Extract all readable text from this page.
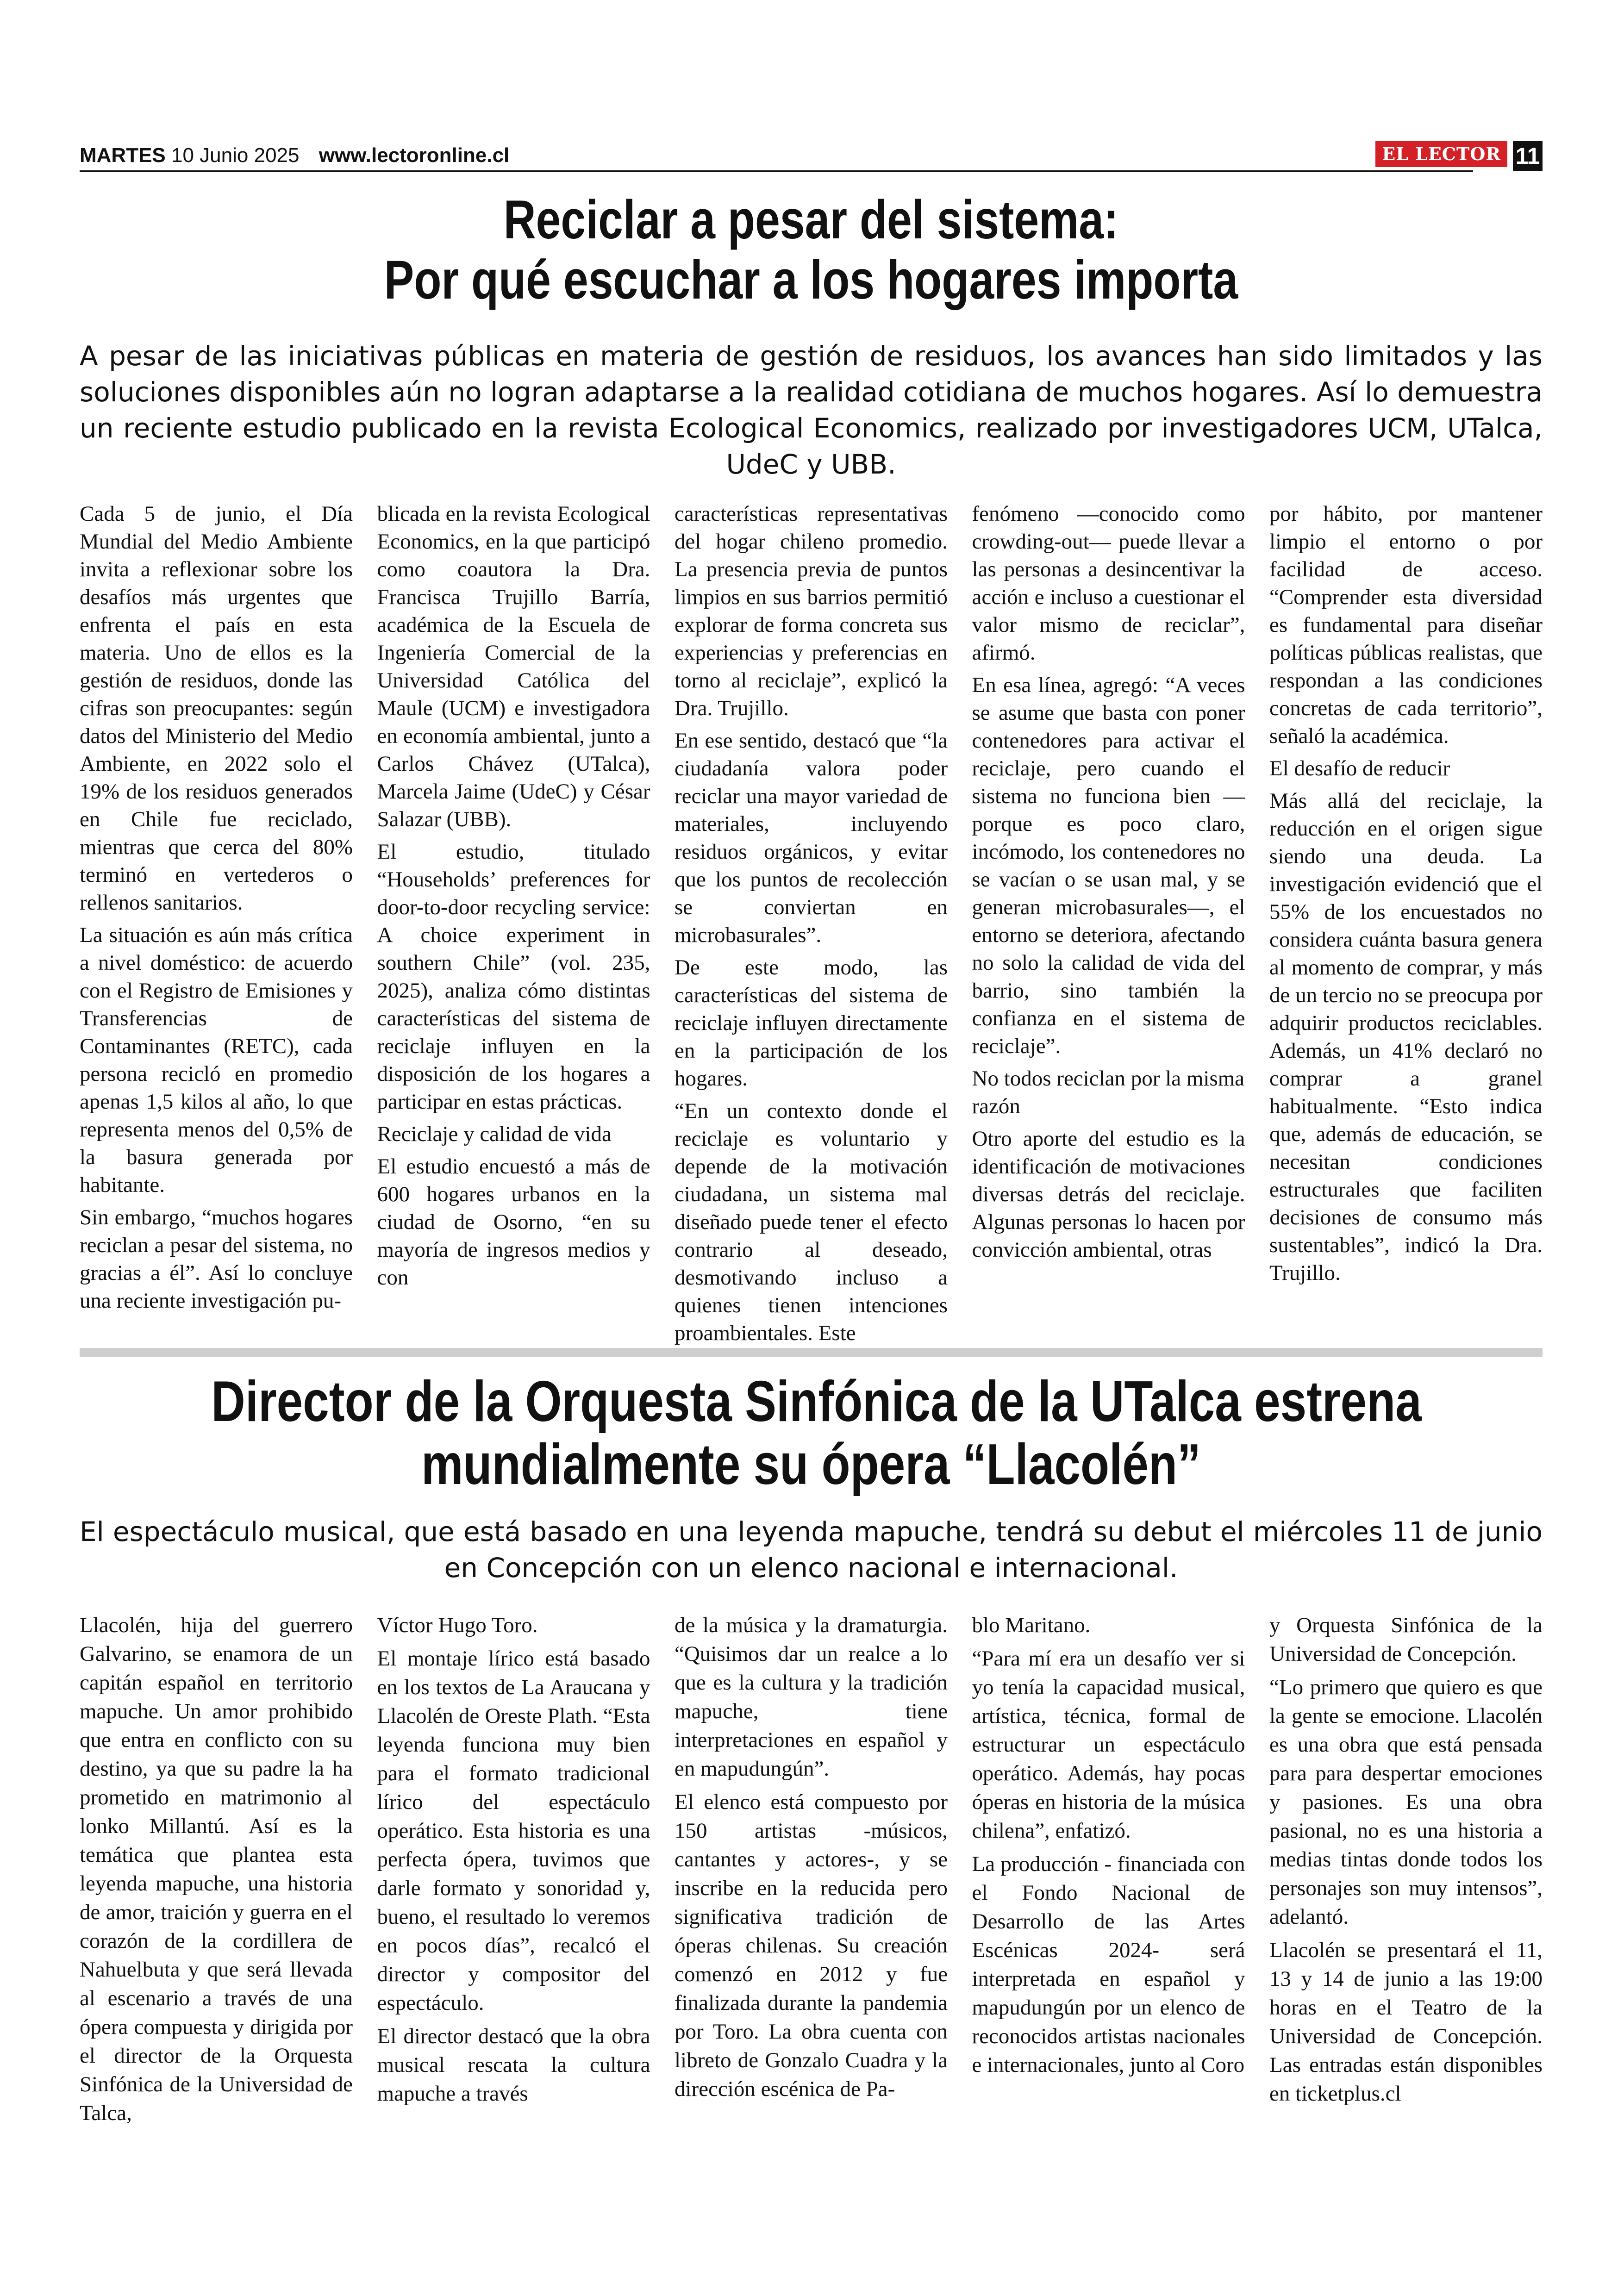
MARTES 10 Junio 2025 www.lectoronline.cl	EL LECTOR 11
Reciclar a pesar del sistema:
Por qué escuchar a los hogares importa
A pesar de las iniciativas públicas en materia de gestión de residuos, los avances han sido limitados y las soluciones disponibles aún no logran adaptarse a la realidad cotidiana de muchos hogares. Así lo demuestra un reciente estudio publicado en la revista Ecological Economics, realizado por investigadores UCM, UTalca, UdeC y UBB.

Cada 5 de junio, el Día Mundial del Medio Ambiente invita a reflexionar sobre los desafíos más urgentes que enfrenta el país en esta materia. Uno de ellos es la gestión de residuos, donde las cifras son preocupantes: según datos del Ministerio del Medio Ambiente, en 2022 solo el 19% de los residuos generados en Chile fue reciclado, mientras que cerca del 80% terminó en vertederos o rellenos sanitarios.

La situación es aún más crítica a nivel doméstico: de acuerdo con el Registro de Emisiones y Transferencias de Contaminantes (RETC), cada persona recicló en promedio apenas 1,5 kilos al año, lo que representa menos del 0,5% de la basura generada por habitante.

Sin embargo, “muchos hogares reciclan a pesar del sistema, no gracias a él”. Así lo concluye una reciente investigación pu-

blicada en la revista Ecological Economics, en la que participó como coautora la Dra. Francisca Trujillo Barría, académica de la Escuela de Ingeniería Comercial de la Universidad Católica del Maule (UCM) e investigadora en economía ambiental, junto a Carlos Chávez (UTalca), Marcela Jaime (UdeC) y César Salazar (UBB).

El estudio, titulado “Households’ preferences for door-to-door recycling service: A choice experiment in southern Chile” (vol. 235, 2025), analiza cómo distintas características del sistema de reciclaje influyen en la disposición de los hogares a participar en estas prácticas.

Reciclaje y calidad de vida

El estudio encuestó a más de 600 hogares urbanos en la ciudad de Osorno, “en su mayoría de ingresos medios y con

características representativas del hogar chileno promedio. La presencia previa de puntos limpios en sus barrios permitió explorar de forma concreta sus experiencias y preferencias en torno al reciclaje”, explicó la Dra. Trujillo.

En ese sentido, destacó que “la ciudadanía valora poder reciclar una mayor variedad de materiales, incluyendo residuos orgánicos, y evitar que los puntos de recolección se conviertan en microbasurales”.

De este modo, las características del sistema de reciclaje influyen directamente en la participación de los hogares.

“En un contexto donde el reciclaje es voluntario y depende de la motivación ciudadana, un sistema mal diseñado puede tener el efecto contrario al deseado, desmotivando incluso a quienes tienen intenciones proambientales. Este

fenómeno —conocido como crowding-out— puede llevar a las personas a desincentivar la acción e incluso a cuestionar el valor mismo de reciclar”, afirmó.

En esa línea, agregó: “A veces se asume que basta con poner contenedores para activar el reciclaje, pero cuando el sistema no funciona bien —porque es poco claro, incómodo, los contenedores no se vacían o se usan mal, y se generan microbasurales—, el entorno se deteriora, afectando no solo la calidad de vida del barrio, sino también la confianza en el sistema de reciclaje”.

No todos reciclan por la misma razón

Otro aporte del estudio es la identificación de motivaciones diversas detrás del reciclaje. Algunas personas lo hacen por convicción ambiental, otras

por hábito, por mantener limpio el entorno o por facilidad de acceso. “Comprender esta diversidad es fundamental para diseñar políticas públicas realistas, que respondan a las condiciones concretas de cada territorio”, señaló la académica.

El desafío de reducir

Más allá del reciclaje, la reducción en el origen sigue siendo una deuda. La investigación evidenció que el 55% de los encuestados no considera cuánta basura genera al momento de comprar, y más de un tercio no se preocupa por adquirir productos reciclables. Además, un 41% declaró no comprar a granel habitualmente. “Esto indica que, además de educación, se necesitan condiciones estructurales que faciliten decisiones de consumo más sustentables”, indicó la Dra. Trujillo.

Director de la Orquesta Sinfónica de la UTalca estrena
mundialmente su ópera “Llacolén”
El espectáculo musical, que está basado en una leyenda mapuche, tendrá su debut el miércoles 11 de junio en Concepción con un elenco nacional e internacional.

Llacolén, hija del guerrero Galvarino, se enamora de un capitán español en territorio mapuche. Un amor prohibido que entra en conflicto con su destino, ya que su padre la ha prometido en matrimonio al lonko Millantú. Así es la temática que plantea esta leyenda mapuche, una historia de amor, traición y guerra en el corazón de la cordillera de Nahuelbuta y que será llevada al escenario a través de una ópera compuesta y dirigida por el director de la Orquesta Sinfónica de la Universidad de Talca,

Víctor Hugo Toro.

El montaje lírico está basado en los textos de La Araucana y Llacolén de Oreste Plath. “Esta leyenda funciona muy bien para el formato tradicional lírico del espectáculo operático. Esta historia es una perfecta ópera, tuvimos que darle formato y sonoridad y, bueno, el resultado lo veremos en pocos días”, recalcó el director y compositor del espectáculo.

El director destacó que la obra musical rescata la cultura mapuche a través

de la música y la dramaturgia. “Quisimos dar un realce a lo que es la cultura y la tradición mapuche, tiene interpretaciones en español y en mapudungún”.

El elenco está compuesto por 150 artistas -músicos, cantantes y actores-, y se inscribe en la reducida pero significativa tradición de óperas chilenas. Su creación comenzó en 2012 y fue finalizada durante la pandemia por Toro. La obra cuenta con libreto de Gonzalo Cuadra y la dirección escénica de Pa-

blo Maritano.

“Para mí era un desafío ver si yo tenía la capacidad musical, artística, técnica, formal de estructurar un espectáculo operático. Además, hay pocas óperas en historia de la música chilena”, enfatizó.

La producción - financiada con el Fondo Nacional de Desarrollo de las Artes Escénicas 2024- será interpretada en español y mapudungún por un elenco de reconocidos artistas nacionales e internacionales, junto al Coro

y Orquesta Sinfónica de la Universidad de Concepción.

“Lo primero que quiero es que la gente se emocione. Llacolén es una obra que está pensada para para despertar emociones y pasiones. Es una obra pasional, no es una historia a medias tintas donde todos los personajes son muy intensos”, adelantó.

Llacolén se presentará el 11, 13 y 14 de junio a las 19:00 horas en el Teatro de la Universidad de Concepción. Las entradas están disponibles en ticketplus.cl
